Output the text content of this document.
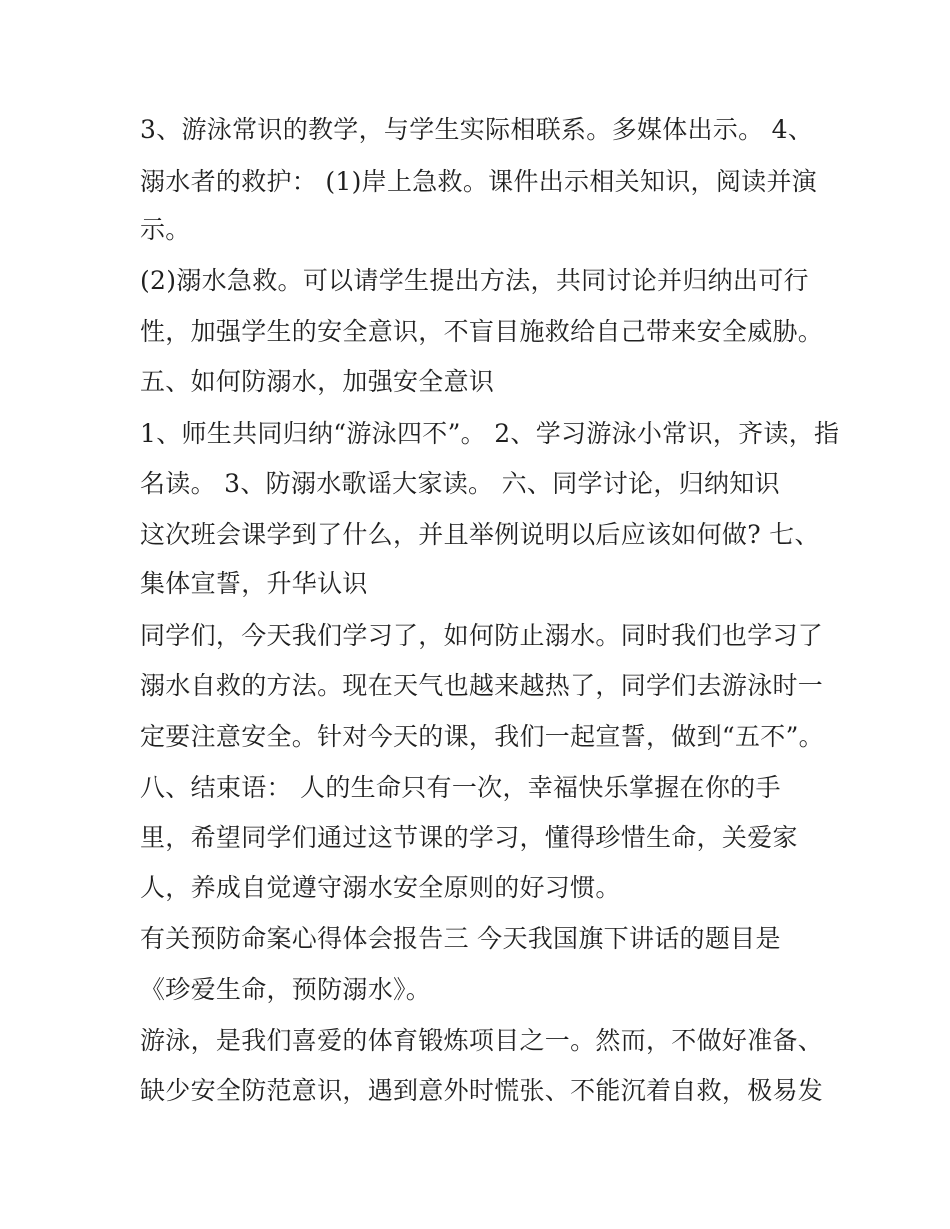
3、游泳常识的教学，与学生实际相联系。多媒体出示。 4、
溺水者的救护： (1)岸上急救。课件出示相关知识，阅读并演
示。
(2)溺水急救。可以请学生提出方法，共同讨论并归纳出可行
性，加强学生的安全意识，不盲目施救给自己带来安全威胁。
五、如何防溺水，加强安全意识
1、师生共同归纳“游泳四不”。 2、学习游泳小常识，齐读，指
名读。 3、防溺水歌谣大家读。 六、同学讨论，归纳知识
这次班会课学到了什么，并且举例说明以后应该如何做? 七、
集体宣誓，升华认识
同学们，今天我们学习了，如何防止溺水。同时我们也学习了
溺水自救的方法。现在天气也越来越热了，同学们去游泳时一
定要注意安全。针对今天的课，我们一起宣誓，做到“五不”。
八、结束语： 人的生命只有一次，幸福快乐掌握在你的手
里，希望同学们通过这节课的学习，懂得珍惜生命，关爱家
人，养成自觉遵守溺水安全原则的好习惯。
有关预防命案心得体会报告三 今天我国旗下讲话的题目是
《珍爱生命，预防溺水》。
游泳，是我们喜爱的体育锻炼项目之一。然而，不做好准备、
缺少安全防范意识，遇到意外时慌张、不能沉着自救，极易发
